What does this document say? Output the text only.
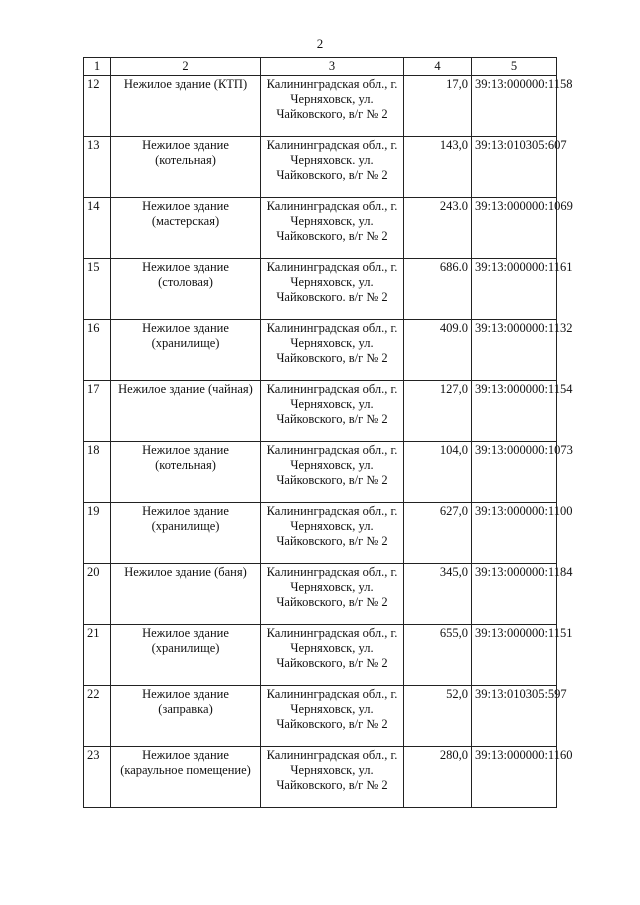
2
1	2	3	4	5
12	Нежилое здание (КТП)	Калининградская обл., г. Черняховск, ул. Чайковского, в/г № 2	17,0	39:13:000000:1158
13	Нежилое здание (котельная)	Калининградская обл., г. Черняховск. ул. Чайковского, в/г № 2	143,0	39:13:010305:607
14	Нежилое здание (мастерская)	Калининградская обл., г. Черняховск, ул. Чайковского, в/г № 2	243.0	39:13:000000:1069
15	Нежилое здание (столовая)	Калининградская обл., г. Черняховск, ул. Чайковского. в/г № 2	686.0	39:13:000000:1161
16	Нежилое здание (хранилище)	Калининградская обл., г. Черняховск, ул. Чайковского, в/г № 2	409.0	39:13:000000:1132
17	Нежилое здание (чайная)	Калининградская обл., г. Черняховск, ул. Чайковского, в/г № 2	127,0	39:13:000000:1154
18	Нежилое здание (котельная)	Калининградская обл., г. Черняховск, ул. Чайковского, в/г № 2	104,0	39:13:000000:1073
19	Нежилое здание (хранилище)	Калининградская обл., г. Черняховск, ул. Чайковского, в/г № 2	627,0	39:13:000000:1100
20	Нежилое здание (баня)	Калининградская обл., г. Черняховск, ул. Чайковского, в/г № 2	345,0	39:13:000000:1184
21	Нежилое здание (хранилище)	Калининградская обл., г. Черняховск, ул. Чайковского, в/г № 2	655,0	39:13:000000:1151
22	Нежилое здание (заправка)	Калининградская обл., г. Черняховск, ул. Чайковского, в/г № 2	52,0	39:13:010305:597
23	Нежилое здание (караульное помещение)	Калининградская обл., г. Черняховск, ул. Чайковского, в/г № 2	280,0	39:13:000000:1160
